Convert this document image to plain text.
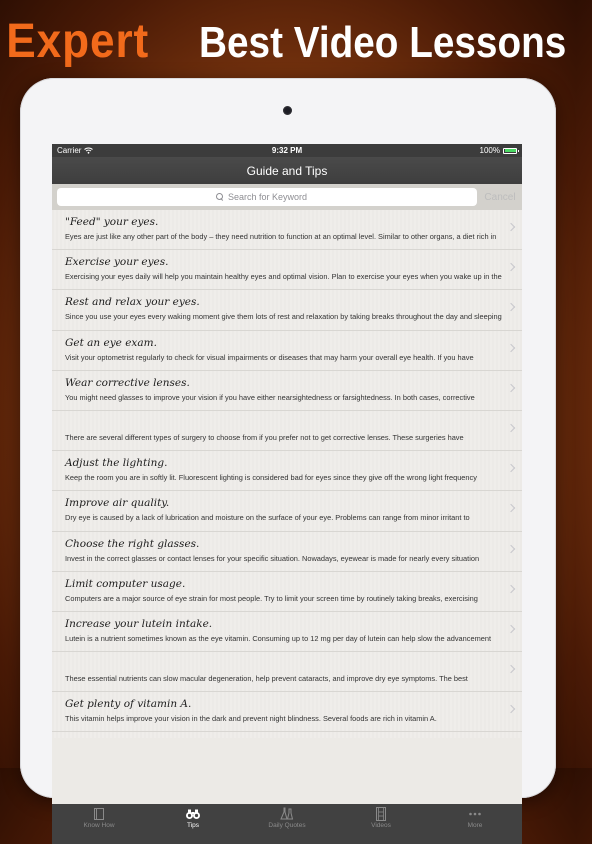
Expert Best Video Lessons
Carrier	9:32 PM	100%
Guide and Tips
Search for Keyword
Cancel
"Feed" your eyes.
Eyes are just like any other part of the body – they need nutrition to function at an optimal level. Similar to other organs, a diet rich in
Exercise your eyes.
Exercising your eyes daily will help you maintain healthy eyes and optimal vision. Plan to exercise your eyes when you wake up in the
Rest and relax your eyes.
Since you use your eyes every waking moment give them lots of rest and relaxation by taking breaks throughout the day and sleeping
Get an eye exam.
Visit your optometrist regularly to check for visual impairments or diseases that may harm your overall eye health. If you have
Wear corrective lenses.
You might need glasses to improve your vision if you have either nearsightedness or farsightedness. In both cases, corrective
There are several different types of surgery to choose from if you prefer not to get corrective lenses. These surgeries have
Adjust the lighting.
Keep the room you are in softly lit. Fluorescent lighting is considered bad for eyes since they give off the wrong light frequency
Improve air quality.
Dry eye is caused by a lack of lubrication and moisture on the surface of your eye. Problems can range from minor irritant to
Choose the right glasses.
Invest in the correct glasses or contact lenses for your specific situation. Nowadays, eyewear is made for nearly every situation
Limit computer usage.
Computers are a major source of eye strain for most people. Try to limit your screen time by routinely taking breaks, exercising
Increase your lutein intake.
Lutein is a nutrient sometimes known as the eye vitamin. Consuming up to 12 mg per day of lutein can help slow the advancement
These essential nutrients can slow macular degeneration, help prevent cataracts, and improve dry eye symptoms. The best
Get plenty of vitamin A.
This vitamin helps improve your vision in the dark and prevent night blindness. Several foods are rich in vitamin A.
Know How	Tips	Daily Quotes	Videos	More
